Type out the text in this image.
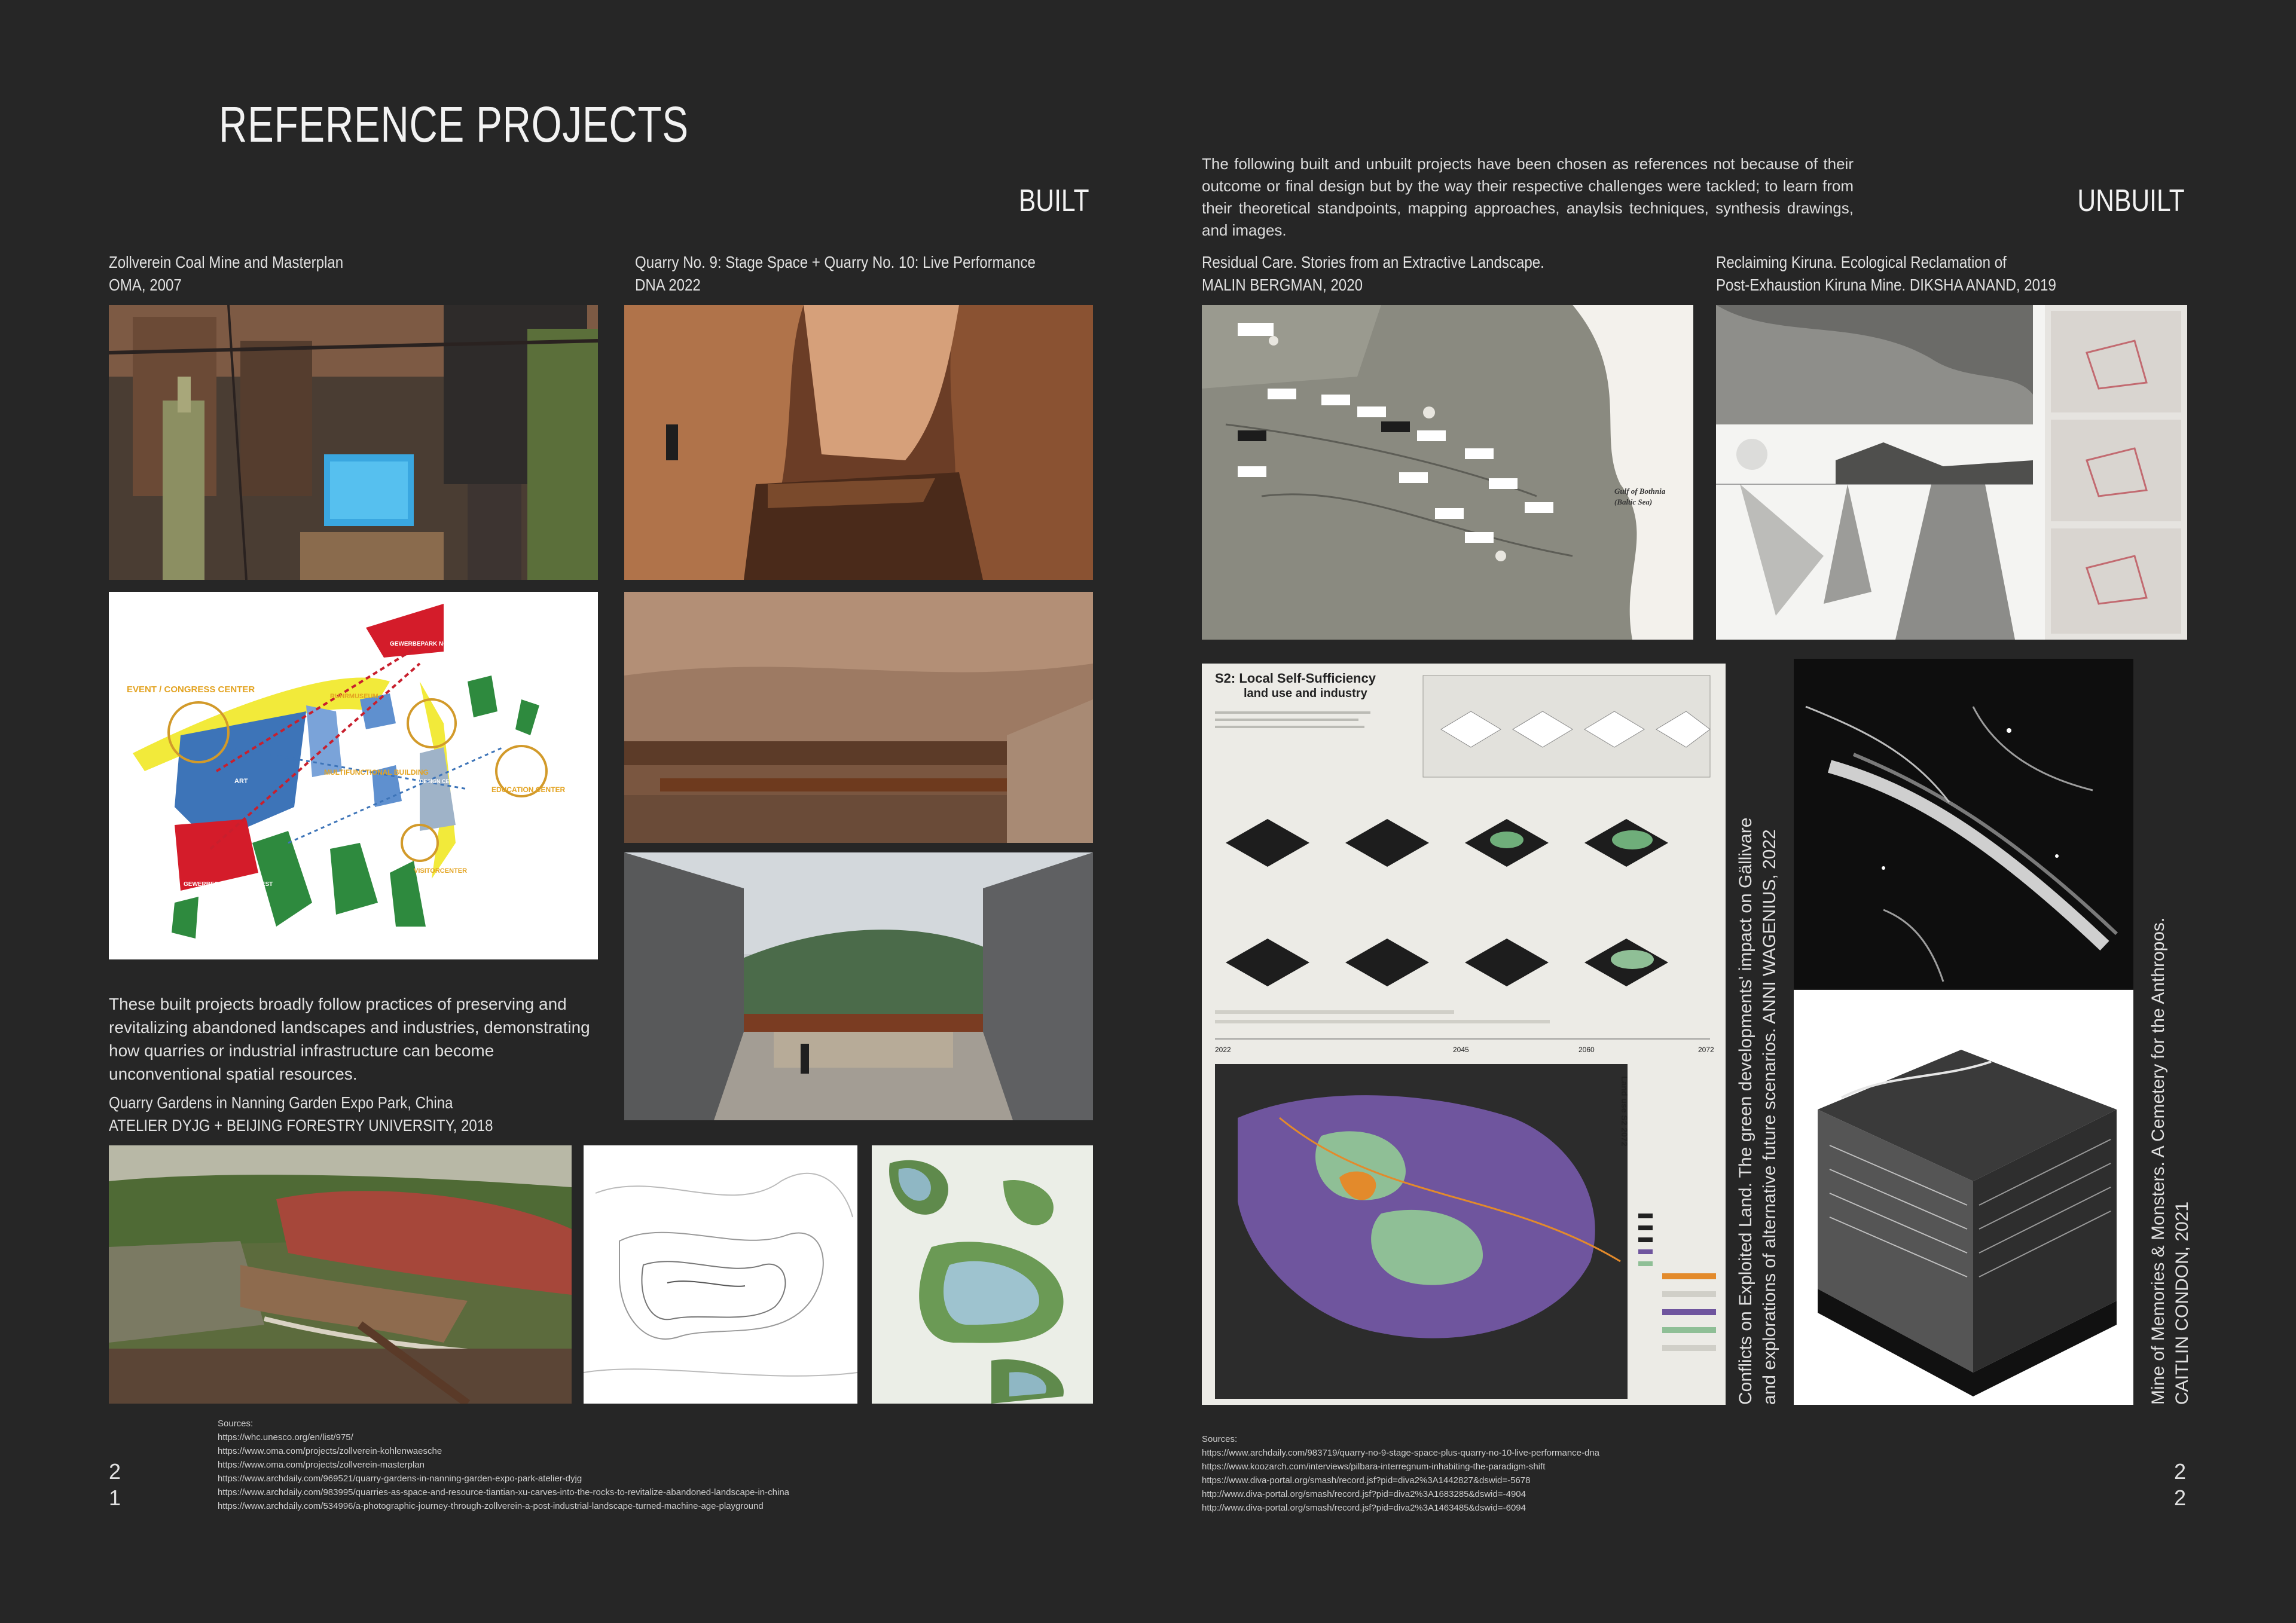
REFERENCE PROJECTS
BUILT	UNBUILT
The following built and unbuilt projects have been chosen as references not because of their outcome or final design but by the way their respective challenges were tackled; to learn from their theoretical standpoints, mapping approaches, anaylsis techniques, synthesis drawings, and images.
Zollverein Coal Mine and Masterplan
OMA, 2007
Quarry No. 9: Stage Space + Quarry No. 10: Live Performance
DNA 2022
EVENT / CONGRESS CENTER
GEWERBEPARK NORD-EAST
MULTIFUNCTIONAL BUILDING
EDUCATION CENTER
VISITORCENTER
GEWERBEPARK SOUTH-WEST
ART	DESIGN CENTER
RUHRMUSEUM
These built projects broadly follow practices of preserving and revitalizing abandoned landscapes and industries, demonstrating how quarries or industrial infrastructure can become unconventional spatial resources.
Quarry Gardens in Nanning Garden Expo Park, China
ATELIER DYJG + BEIJING FORESTRY UNIVERSITY, 2018
Sources:
https://whc.unesco.org/en/list/975/
https://www.oma.com/projects/zollverein-kohlenwaesche
https://www.oma.com/projects/zollverein-masterplan
https://www.archdaily.com/969521/quarry-gardens-in-nanning-garden-expo-park-atelier-dyjg
https://www.archdaily.com/983995/quarries-as-space-and-resource-tiantian-xu-carves-into-the-rocks-to-revitalize-abandoned-landscape-in-china
https://www.archdaily.com/534996/a-photographic-journey-through-zollverein-a-post-industrial-landscape-turned-machine-age-playground
2
1
Residual Care. Stories from an Extractive Landscape.
MALIN BERGMAN, 2020
Reclaiming Kiruna. Ecological Reclamation of
Post-Exhaustion Kiruna Mine. DIKSHA ANAND, 2019
Gulf of Bothnia
(Baltic Sea)
S2: Local Self-Sufficiency
land use and industry
2022	2045	2060	2072
Land use S2 2072	Conflicts on Exploited Land. The green developments' impact on Gällivare and explorations of alternative future scenarios. ANNI WAGENIUS, 2022	Mine of Memories & Monsters. A Cemetery for the Anthropos. CAITLIN CONDON, 2021
Sources:
https://www.archdaily.com/983719/quarry-no-9-stage-space-plus-quarry-no-10-live-performance-dna
https://www.koozarch.com/interviews/pilbara-interregnum-inhabiting-the-paradigm-shift
https://www.diva-portal.org/smash/record.jsf?pid=diva2%3A1442827&dswid=-5678
http://www.diva-portal.org/smash/record.jsf?pid=diva2%3A1683285&dswid=-4904
http://www.diva-portal.org/smash/record.jsf?pid=diva2%3A1463485&dswid=-6094
2
2
